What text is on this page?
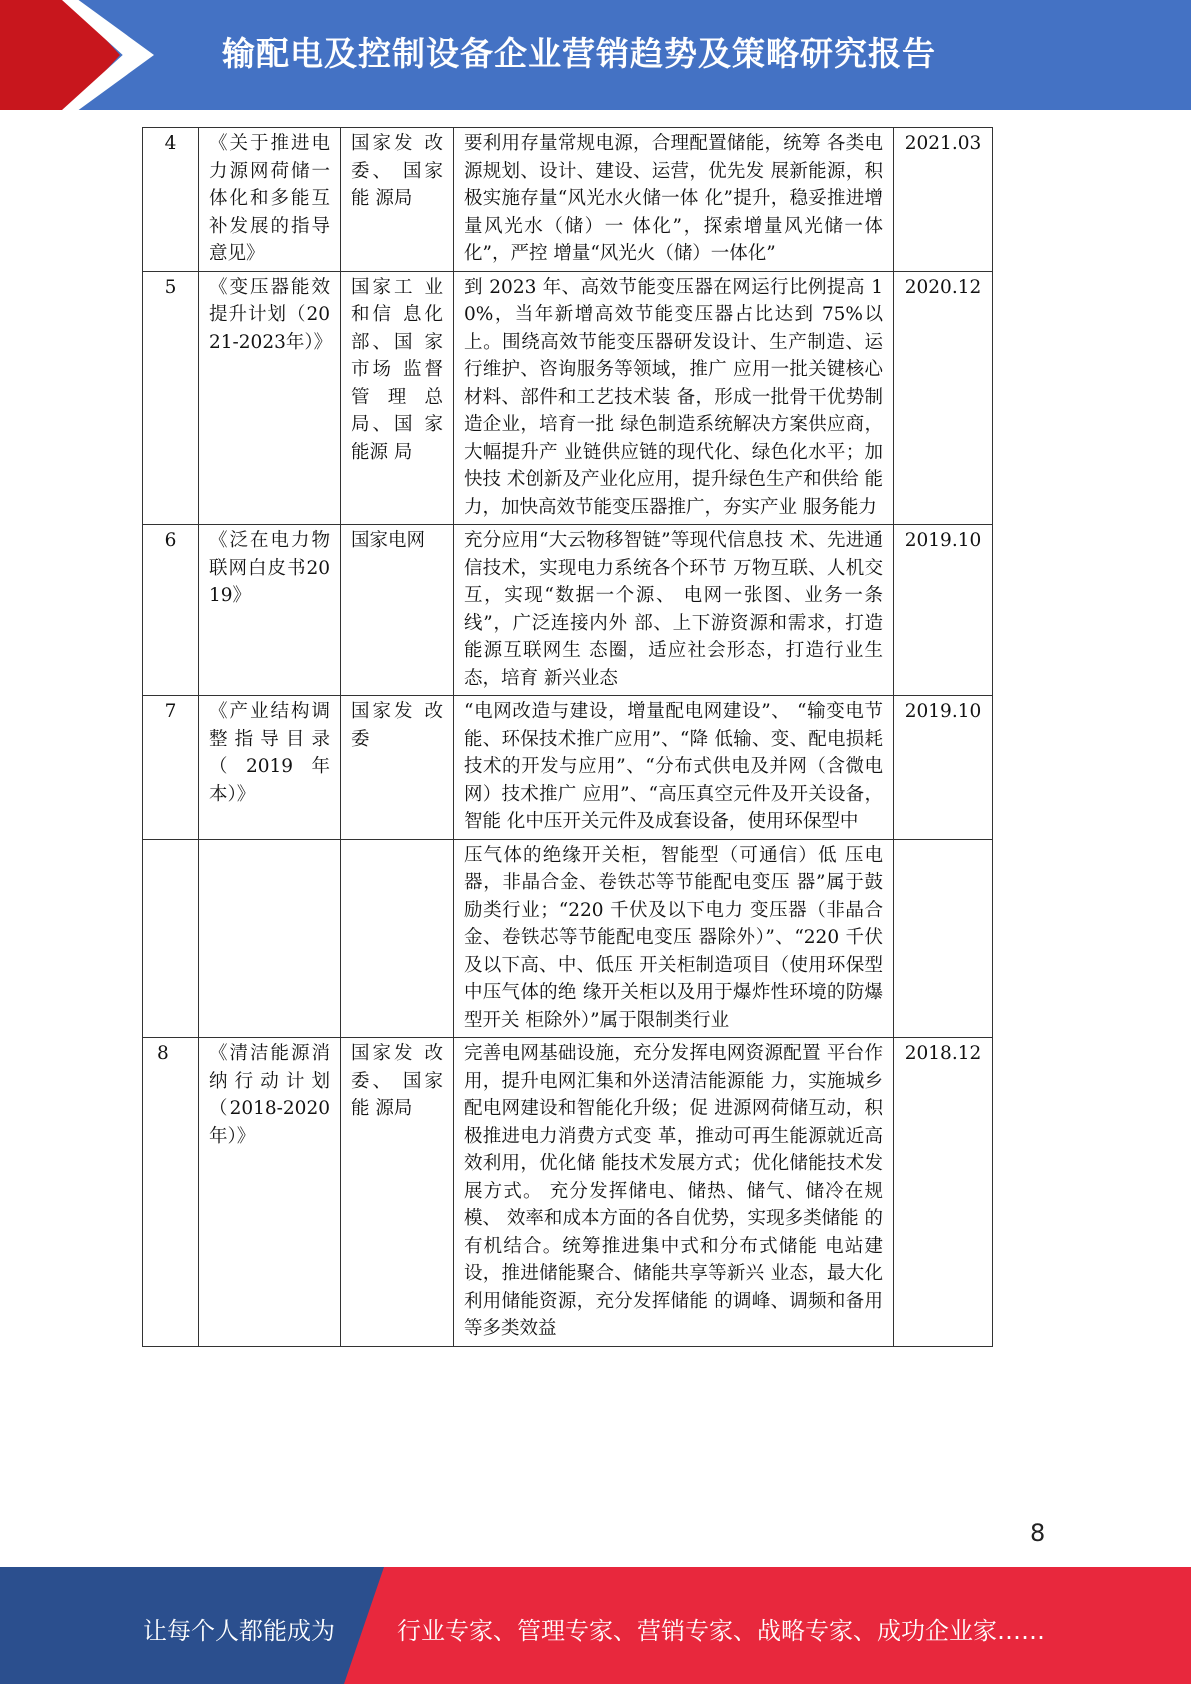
输配电及控制设备企业营销趋势及策略研究报告
4	《关于推进电力源网荷储一体化和多能互补发展的指导意见》	国家发 改委、 国家能 源局	要利用存量常规电源，合理配置储能，统筹 各类电源规划、设计、建设、运营，优先发 展新能源，积极实施存量“风光水火储一体 化”提升，稳妥推进增量风光水（储）一 体化”，探索增量风光储一体化”，严控 增量“风光火（储）一体化”	2021.03
5	《变压器能效提升计划（2021-2023年）》	国家工 业和信 息化部、国 家市场 监督管 理 总局、国 家能源 局	到 2023 年、高效节能变压器在网运行比例提高 10%，当年新增高效节能变压器占比达到 75%以上。围绕高效节能变压器研发设计、生产制造、运行维护、咨询服务等领域，推广 应用一批关键核心材料、部件和工艺技术装 备，形成一批骨干优势制造企业，培育一批 绿色制造系统解决方案供应商，大幅提升产 业链供应链的现代化、绿色化水平；加快技 术创新及产业化应用，提升绿色生产和供给 能力，加快高效节能变压器推广，夯实产业 服务能力	2020.12
6	《泛在电力物联网白皮书2019》	国家电网	充分应用“大云物移智链”等现代信息技 术、先进通信技术，实现电力系统各个环节 万物互联、人机交互，实现“数据一个源、 电网一张图、业务一条线”，广泛连接内外 部、上下游资源和需求，打造能源互联网生 态圈，适应社会形态，打造行业生态，培育 新兴业态	2019.10
7	《产业结构调整指导目录（2019年本）》	国家发 改委	“电网改造与建设，增量配电网建设”、 “输变电节能、环保技术推广应用”、“降 低输、变、配电损耗技术的开发与应用”、“分布式供电及并网（含微电网）技术推广 应用”、“高压真空元件及开关设备，智能 化中压开关元件及成套设备，使用环保型中	2019.10
			压气体的绝缘开关柜，智能型（可通信）低 压电器，非晶合金、卷铁芯等节能配电变压 器”属于鼓励类行业；“220 千伏及以下电力 变压器（非晶合金、卷铁芯等节能配电变压 器除外）”、“220 千伏及以下高、中、低压 开关柜制造项目（使用环保型中压气体的绝 缘开关柜以及用于爆炸性环境的防爆型开关 柜除外）”属于限制类行业	
8	《清洁能源消纳行动计划（2018-2020年）》	国家发 改委、 国家能 源局	完善电网基础设施，充分发挥电网资源配置 平台作用，提升电网汇集和外送清洁能源能 力，实施城乡配电网建设和智能化升级；促 进源网荷储互动，积极推进电力消费方式变 革，推动可再生能源就近高效利用，优化储 能技术发展方式；优化储能技术发展方式。 充分发挥储电、储热、储气、储冷在规模、 效率和成本方面的各自优势，实现多类储能 的有机结合。统筹推进集中式和分布式储能 电站建设，推进储能聚合、储能共享等新兴 业态，最大化利用储能资源，充分发挥储能 的调峰、调频和备用等多类效益	2018.12
8
让每个人都能成为	行业专家、管理专家、营销专家、战略专家、成功企业家……
